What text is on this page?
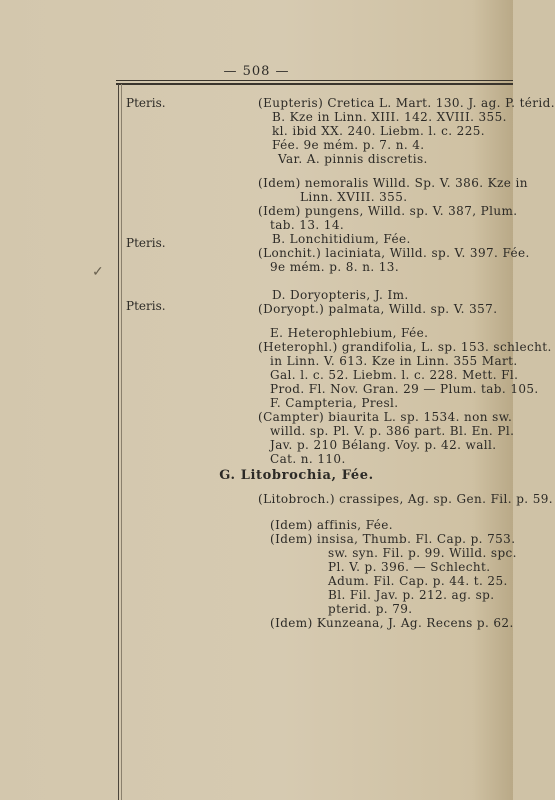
— 508 —
✓
Pteris.
Pteris.
Pteris.
(Eupteris) Cretica L. Mart. 130. J. ag. P. térid.
B. Kze in Linn. XIII. 142. XVIII. 355.
kl. ibid XX. 240. Liebm. l. c. 225.
Fée. 9e mém. p. 7. n. 4.
Var. A. pinnis discretis.
(Idem) nemoralis Willd. Sp. V. 386. Kze in
Linn. XVIII. 355.
(Idem) pungens, Willd. sp. V. 387, Plum.
tab. 13. 14.
B. Lonchitidium, Fée.
(Lonchit.) laciniata, Willd. sp. V. 397. Fée.
9e mém. p. 8. n. 13.
D. Doryopteris, J. Im.
(Doryopt.) palmata, Willd. sp. V. 357.
E. Heterophlebium, Fée.
(Heterophl.) grandifolia, L. sp. 153. schlecht.
in Linn. V. 613. Kze in Linn. 355 Mart.
Gal. l. c. 52. Liebm. l. c. 228. Mett. Fl.
Prod. Fl. Nov. Gran. 29 — Plum. tab. 105.
F. Campteria, Presl.
(Campter) biaurita L. sp. 1534. non sw.
willd. sp. Pl. V. p. 386 part. Bl. En. Pl.
Jav. p. 210 Bélang. Voy. p. 42. wall.
Cat. n. 110.
G. Litobrochia, Fée.
(Litobroch.) crassipes, Ag. sp. Gen. Fil. p. 59.
(Idem) affinis, Fée.
(Idem) insisa, Thumb. Fl. Cap. p. 753.
sw. syn. Fil. p. 99. Willd. spc.
Pl. V. p. 396. — Schlecht.
Adum. Fil. Cap. p. 44. t. 25.
Bl. Fil. Jav. p. 212. ag. sp.
pterid. p. 79.
(Idem) Kunzeana, J. Ag. Recens p. 62.
